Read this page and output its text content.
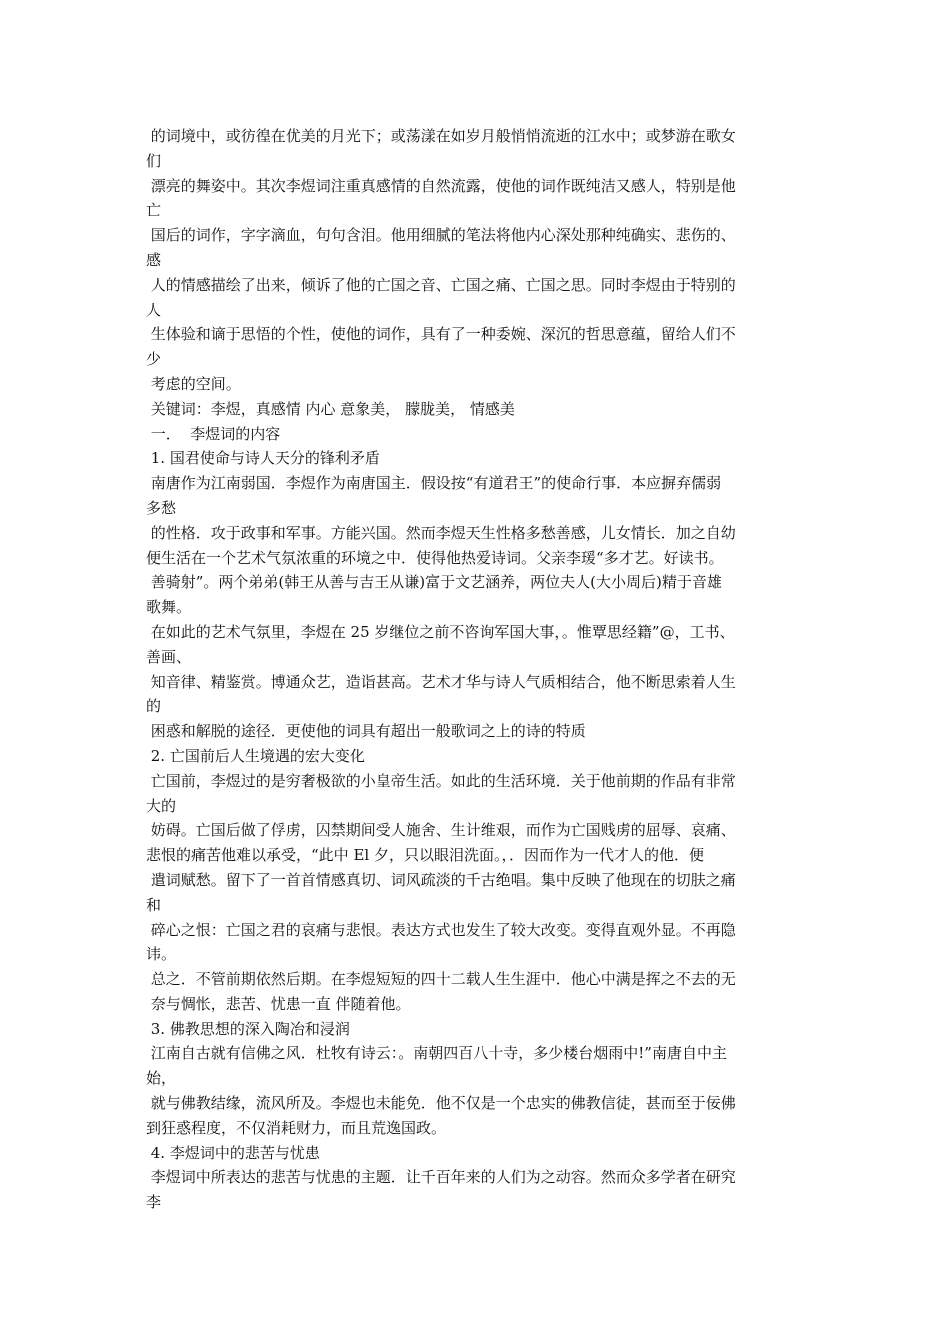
的词境中，或彷徨在优美的月光下；或荡漾在如岁月般悄悄流逝的江水中；或梦游在歌女
们
漂亮的舞姿中。其次李煜词注重真感情的自然流露，使他的词作既纯洁又感人，特别是他
亡
国后的词作，字字滴血，句句含泪。他用细腻的笔法将他内心深处那种纯确实、悲伤的、
感
人的情感描绘了出来，倾诉了他的亡国之音、亡国之痛、亡国之思。同时李煜由于特别的
人
生体验和谪于思悟的个性，使他的词作，具有了一种委婉、深沉的哲思意蕴，留给人们不
少
考虑的空间。
关键词：李煜，真感情 内心 意象美， 朦胧美， 情感美
一．  李煜词的内容
1. 国君使命与诗人天分的锋利矛盾
南唐作为江南弱国．李煜作为南唐国主．假设按“有道君王”的使命行事．本应摒弃儒弱
多愁
的性格．攻于政事和军事。方能兴国。然而李煜天生性格多愁善感，儿女情长．加之自幼
便生活在一个艺术气氛浓重的环境之中．使得他热爱诗词。父亲李瑗“多才艺。好读书。
善骑射”。两个弟弟(韩王从善与吉王从谦)富于文艺涵养，两位夫人(大小周后)精于音雄
歌舞。
在如此的艺术气氛里，李煜在 25 岁继位之前不咨询军国大事，。惟覃思经籍”@，工书、
善画、
知音律、精鉴赏。博通众艺，造诣甚高。艺术才华与诗人气质相结合，他不断思索着人生
的
困惑和解脱的途径．更使他的词具有超出一般歌词之上的诗的特质
2. 亡国前后人生境遇的宏大变化
亡国前，李煜过的是穷奢极欲的小皇帝生活。如此的生活环境．关于他前期的作品有非常
大的
妨碍。亡国后做了俘虏，囚禁期间受人施舍、生计维艰，而作为亡国贱虏的屈辱、哀痛、
悲恨的痛苦他难以承受，“此中 El 夕，只以眼泪洗面。，．因而作为一代才人的他．便
遣词赋愁。留下了一首首情感真切、词风疏淡的千古绝唱。集中反映了他现在的切肤之痛
和
碎心之恨：亡国之君的哀痛与悲恨。表达方式也发生了较大改变。变得直观外显。不再隐
讳。
总之．不管前期依然后期。在李煜短短的四十二载人生生涯中．他心中满是挥之不去的无
奈与惆怅，悲苦、忧患一直 伴随着他。
3. 佛教思想的深入陶冶和浸润
江南自古就有信佛之风．杜牧有诗云：。南朝四百八十寺，多少楼台烟雨中!”南唐自中主
始，
就与佛教结缘，流风所及。李煜也未能免．他不仅是一个忠实的佛教信徒，甚而至于佞佛
到狂惑程度，不仅消耗财力，而且荒逸国政。
4. 李煜词中的悲苦与忧患
李煜词中所表达的悲苦与忧患的主题．让千百年来的人们为之动容。然而众多学者在研究
李
